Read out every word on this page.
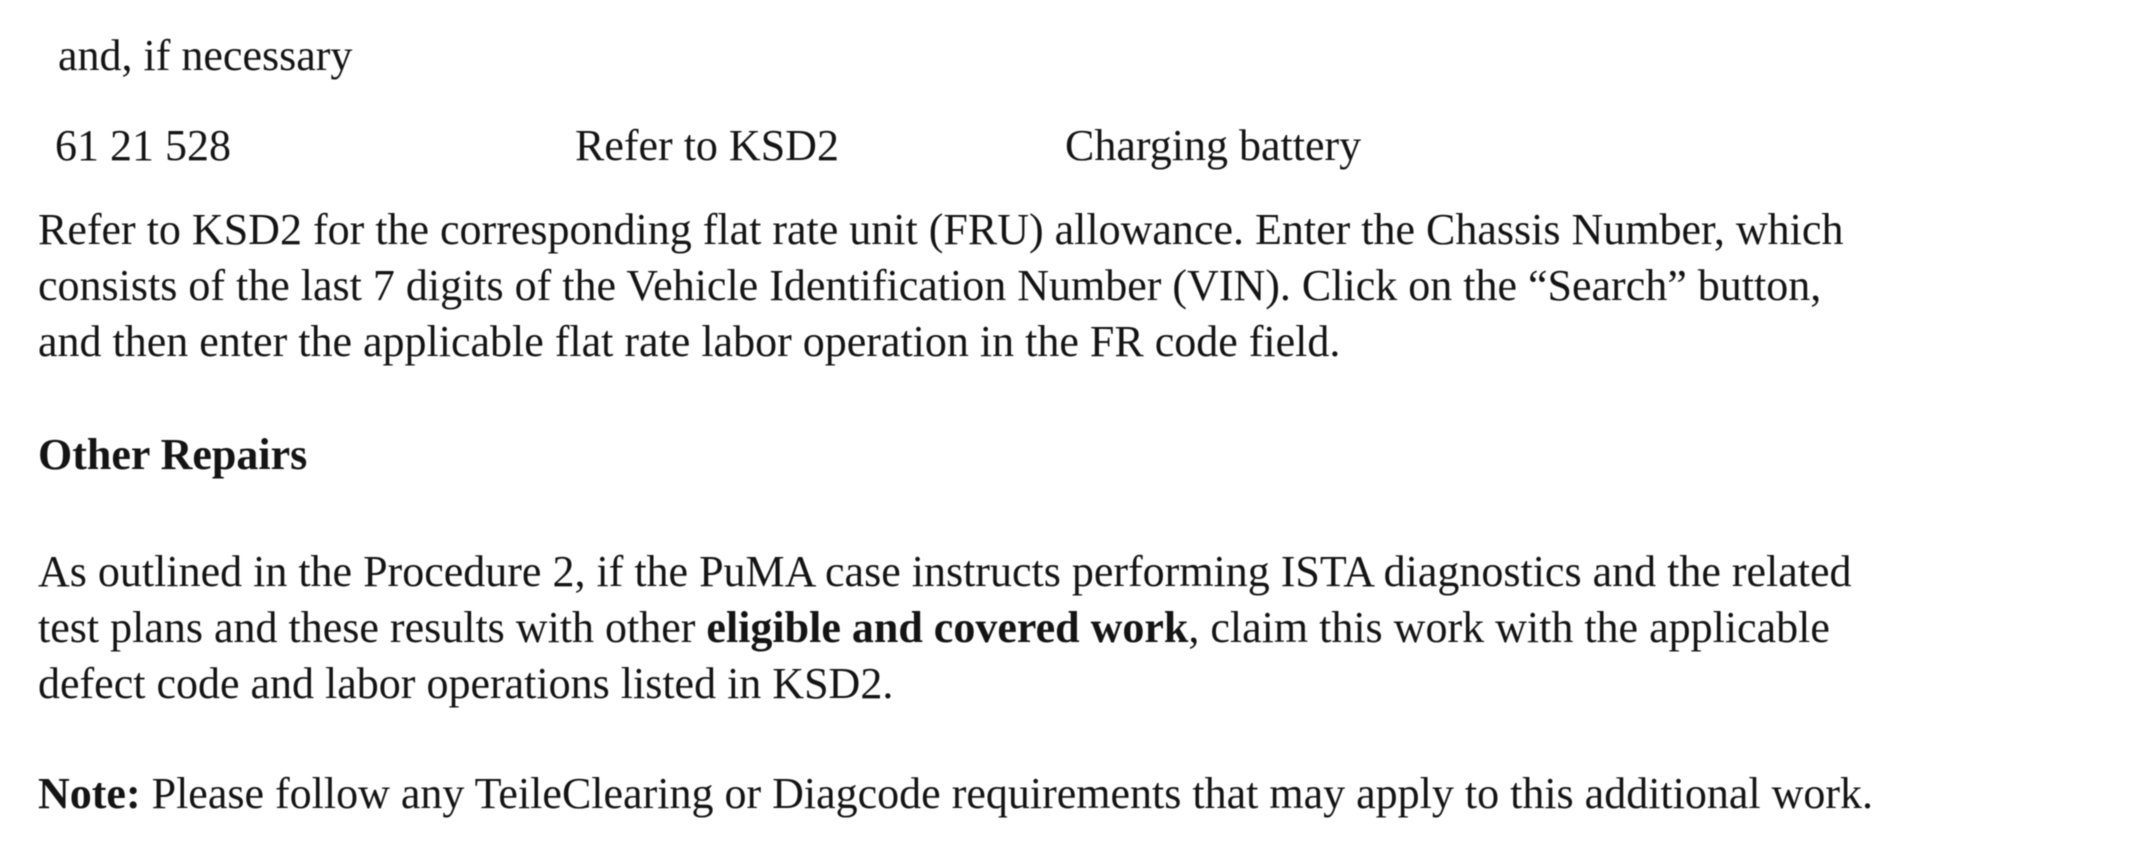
and, if necessary
61 21 528	Refer to KSD2	Charging battery
Refer to KSD2 for the corresponding flat rate unit (FRU) allowance. Enter the Chassis Number, which
consists of the last 7 digits of the Vehicle Identification Number (VIN). Click on the “Search” button,
and then enter the applicable flat rate labor operation in the FR code field.
Other Repairs
As outlined in the Procedure 2, if the PuMA case instructs performing ISTA diagnostics and the related
test plans and these results with other eligible and covered work, claim this work with the applicable
defect code and labor operations listed in KSD2.
Note: Please follow any TeileClearing or Diagcode requirements that may apply to this additional work.
